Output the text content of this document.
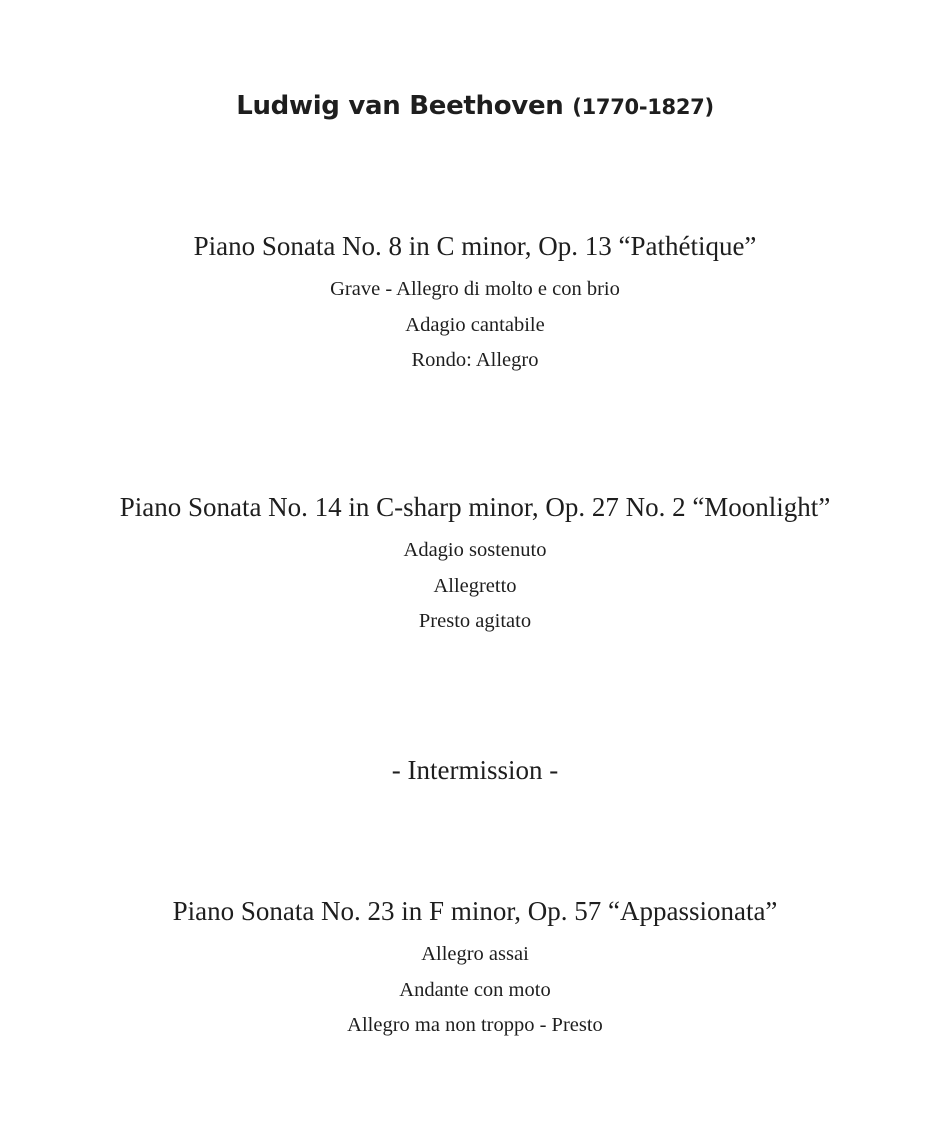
Ludwig van Beethoven (1770-1827)
Piano Sonata No. 8 in C minor, Op. 13 “Pathétique”
Grave - Allegro di molto e con brio
Adagio cantabile
Rondo: Allegro
Piano Sonata No. 14 in C-sharp minor, Op. 27 No. 2 “Moonlight”
Adagio sostenuto
Allegretto
Presto agitato

- Intermission -

Piano Sonata No. 23 in F minor, Op. 57 “Appassionata”
Allegro assai
Andante con moto
Allegro ma non troppo - Presto
